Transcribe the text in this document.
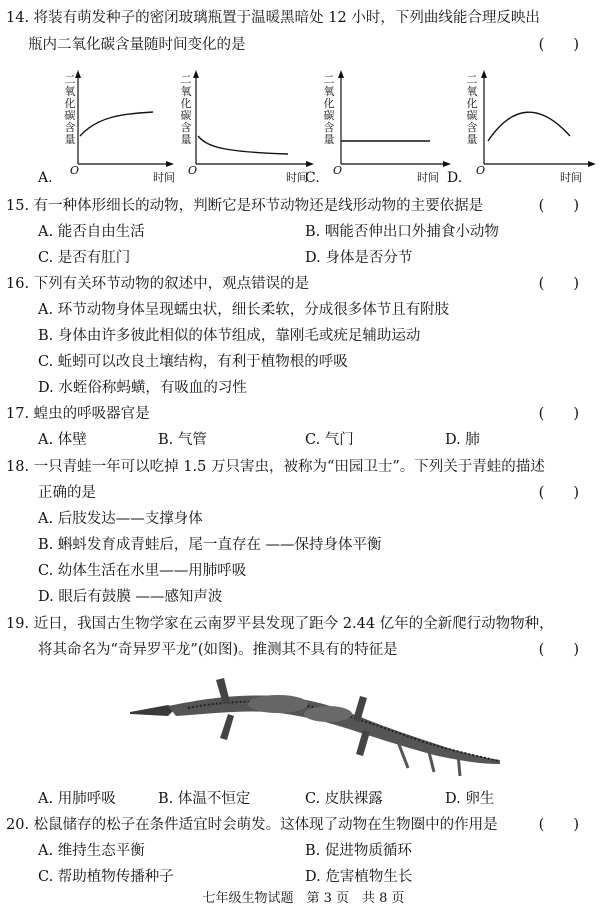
14. 将装有萌发种子的密闭玻璃瓶置于温暖黑暗处 12 小时，下列曲线能合理反映出
瓶内二氧化碳含量随时间变化的是	(　　)
二
氧
化
碳
含
量
O
时间
A.
二
氧
化
碳
含
量
O
时间
C.
二
氧
化
碳
含
量
O
时间 D.
二
氧
化
碳
含
量
O
时间
15. 有一种体形细长的动物，判断它是环节动物还是线形动物的主要依据是	(　　)
A. 能否自由生活	B. 咽能否伸出口外捕食小动物
C. 是否有肛门	D. 身体是否分节
16. 下列有关环节动物的叙述中，观点错误的是	(　　)
A. 环节动物身体呈现蠕虫状，细长柔软，分成很多体节且有附肢
B. 身体由许多彼此相似的体节组成，靠刚毛或疣足辅助运动
C. 蚯蚓可以改良土壤结构，有利于植物根的呼吸
D. 水蛭俗称蚂蟥，有吸血的习性
17. 蝗虫的呼吸器官是	(　　)
A. 体壁	B. 气管	C. 气门	D. 肺
18. 一只青蛙一年可以吃掉 1.5 万只害虫，被称为“田园卫士”。下列关于青蛙的描述
正确的是	(　　)
A. 后肢发达——支撑身体
B. 蝌蚪发育成青蛙后，尾一直存在 ——保持身体平衡
C. 幼体生活在水里——用肺呼吸
D. 眼后有鼓膜 ——感知声波
19. 近日，我国古生物学家在云南罗平县发现了距今 2.44 亿年的全新爬行动物物种，
将其命名为“奇异罗平龙”(如图)。推测其不具有的特征是	(　　)
A. 用肺呼吸	B. 体温不恒定	C. 皮肤裸露	D. 卵生
20. 松鼠储存的松子在条件适宜时会萌发。这体现了动物在生物圈中的作用是	(　　)
A. 维持生态平衡	B. 促进物质循环
C. 帮助植物传播种子	D. 危害植物生长
七年级生物试题　第 3 页　共 8 页
